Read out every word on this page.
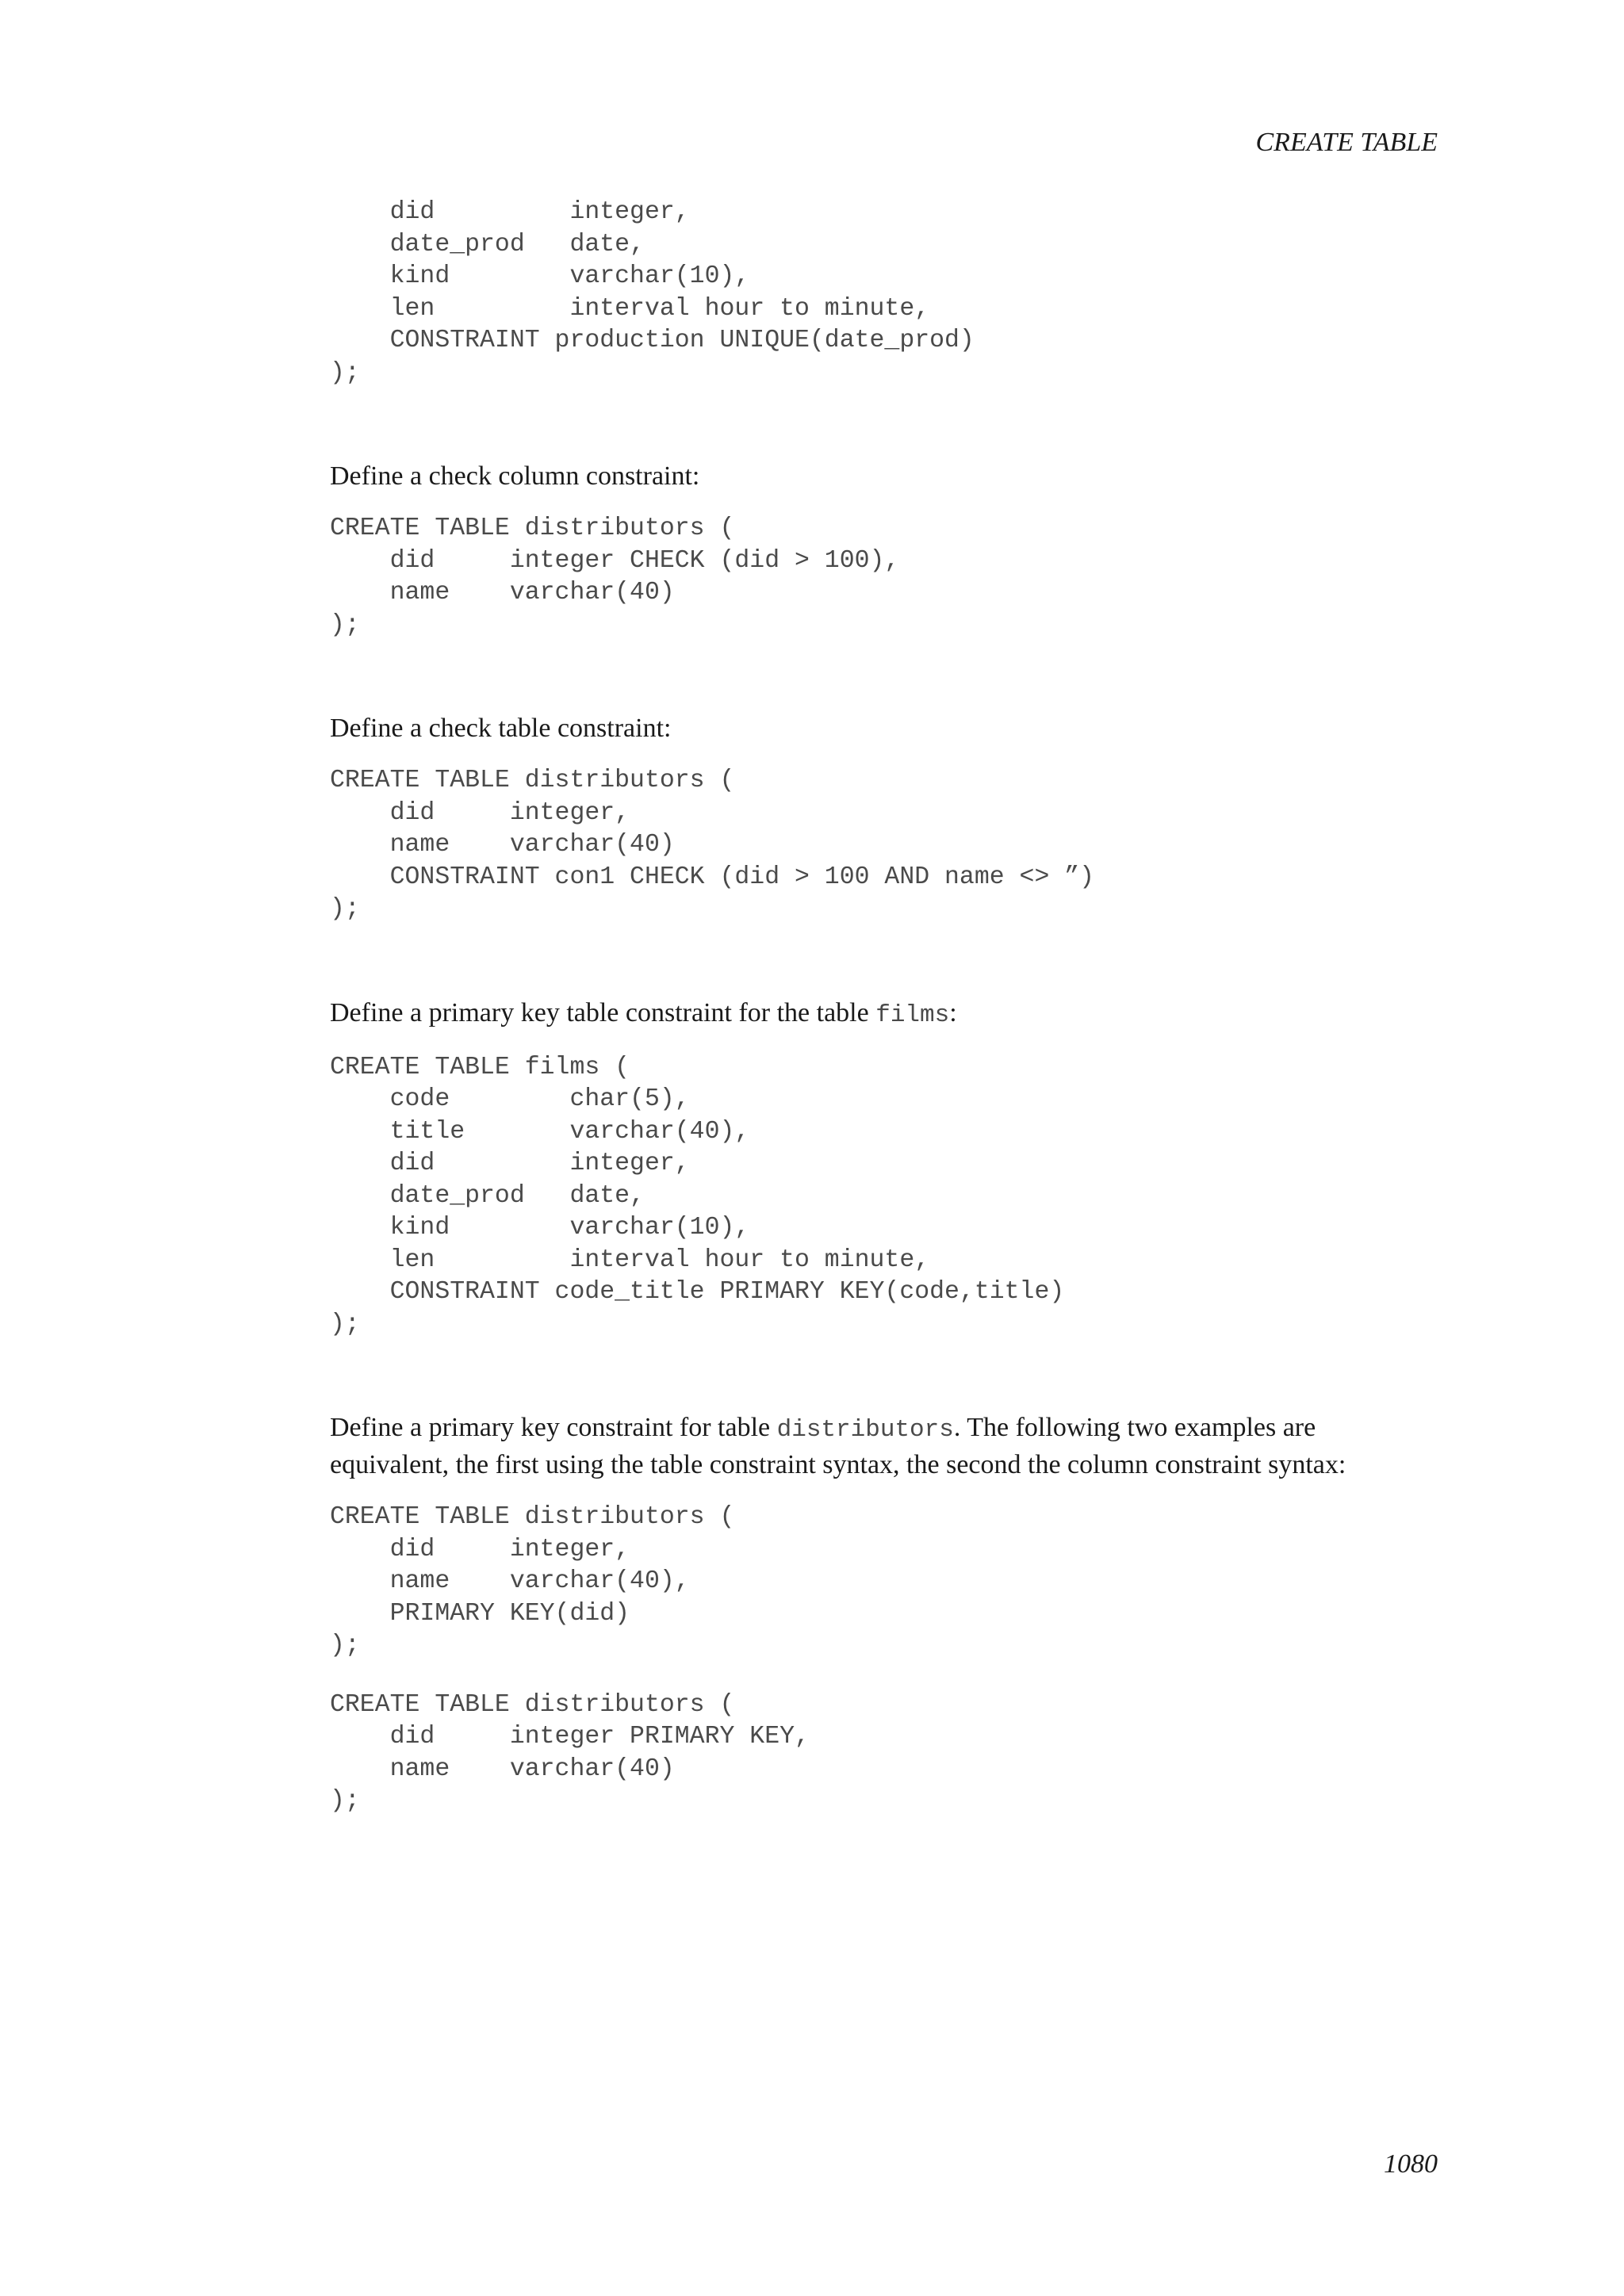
CREATE TABLE
did         integer,
date_prod   date,
kind        varchar(10),
len         interval hour to minute,
CONSTRAINT production UNIQUE(date_prod)
);

Define a check column constraint:

CREATE TABLE distributors (
did     integer CHECK (did > 100),
name    varchar(40)
);

Define a check table constraint:

CREATE TABLE distributors (
did     integer,
name    varchar(40)
CONSTRAINT con1 CHECK (did > 100 AND name <> ”)
);

Define a primary key table constraint for the table films:

CREATE TABLE films (
code        char(5),
title       varchar(40),
did         integer,
date_prod   date,
kind        varchar(10),
len         interval hour to minute,
CONSTRAINT code_title PRIMARY KEY(code,title)
);

Define a primary key constraint for table distributors. The following two examples are equivalent, the first using the table constraint syntax, the second the column constraint syntax:

CREATE TABLE distributors (
did     integer,
name    varchar(40),
PRIMARY KEY(did)
);
CREATE TABLE distributors (
did     integer PRIMARY KEY,
name    varchar(40)
);
1080
